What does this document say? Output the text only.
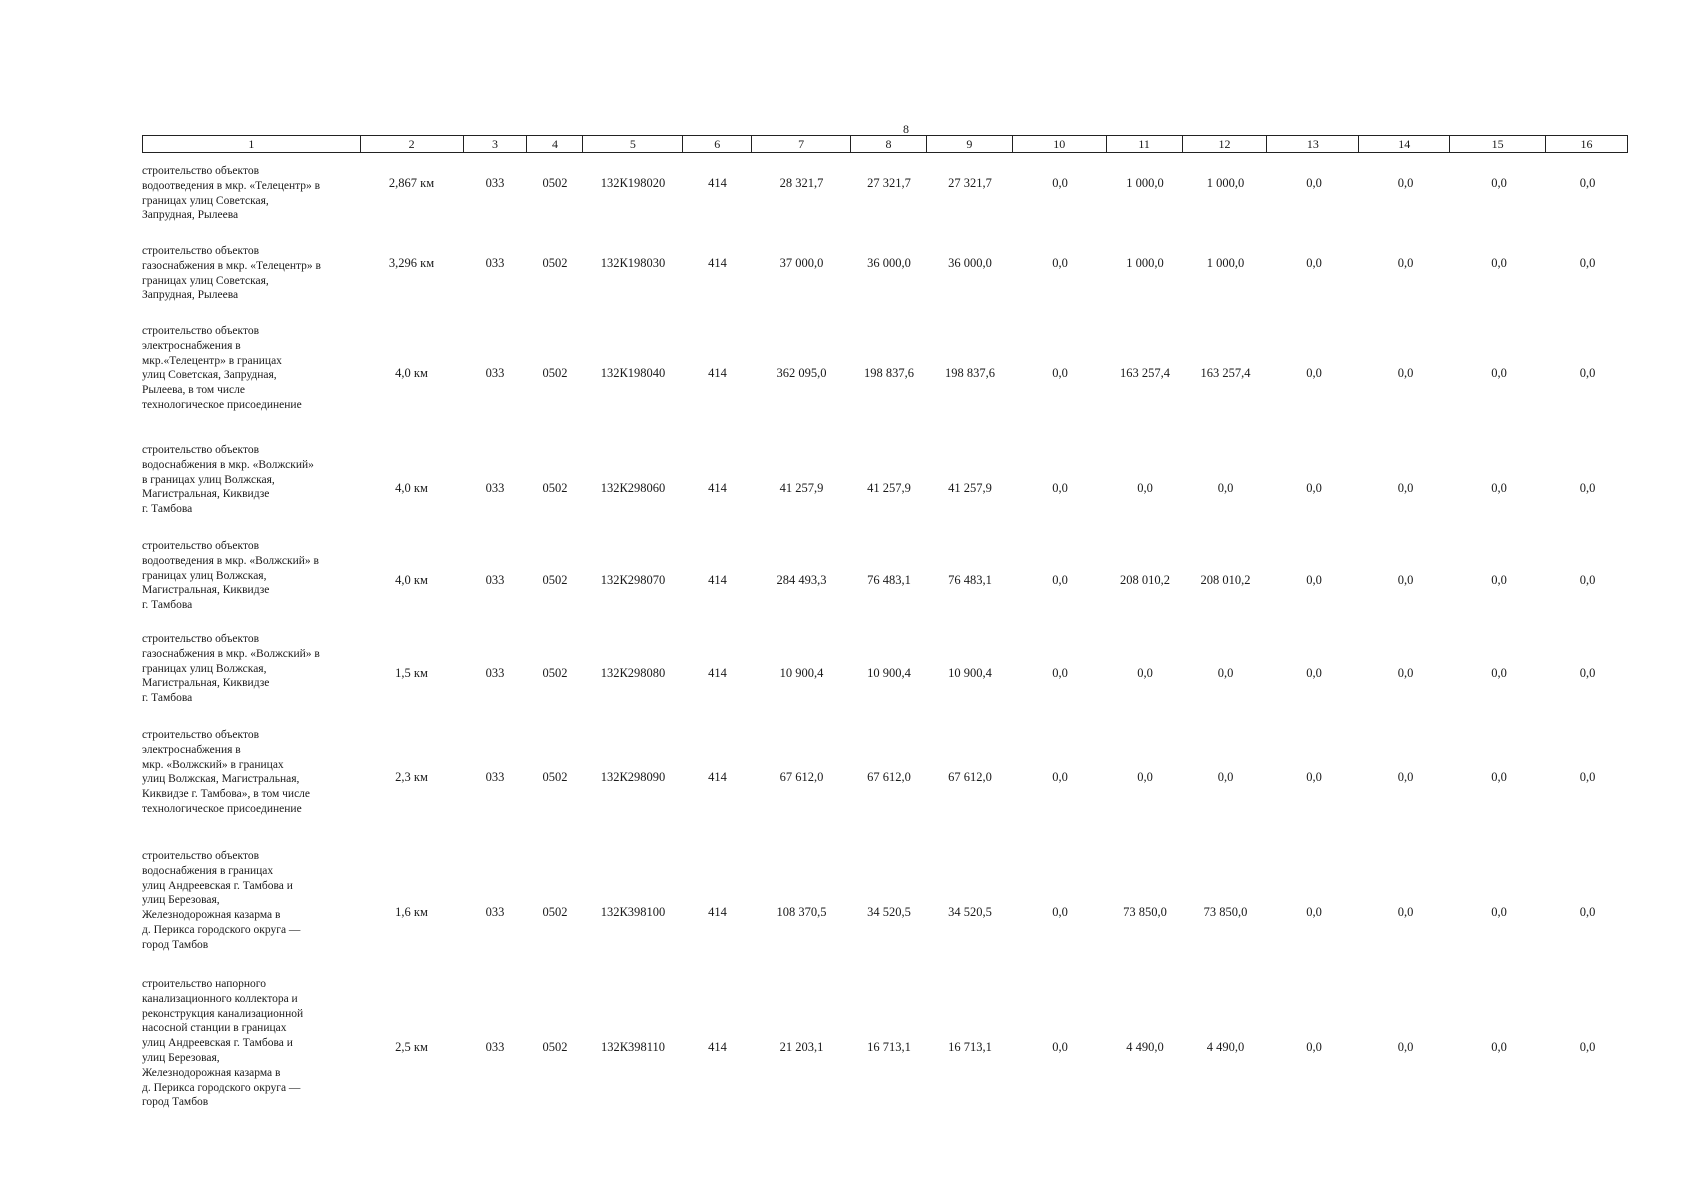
8
1	2	3	4	5	6	7	8	9	10	11	12	13	14	15	16
строительство объектов
водоотведения в мкр. «Телецентр» в
границах улиц Советская,
Запрудная, Рылеева
2,867 км	033	0502	132К198020	414	28 321,7	27 321,7	27 321,7	0,0	1 000,0	1 000,0	0,0	0,0	0,0	0,0
строительство объектов
газоснабжения в мкр. «Телецентр» в
границах улиц Советская,
Запрудная, Рылеева
3,296 км	033	0502	132К198030	414	37 000,0	36 000,0	36 000,0	0,0	1 000,0	1 000,0	0,0	0,0	0,0	0,0
строительство объектов
электроснабжения в
мкр.«Телецентр» в границах
улиц Советская, Запрудная,
Рылеева, в том числе
технологическое присоединение
4,0 км	033	0502	132К198040	414	362 095,0	198 837,6	198 837,6	0,0	163 257,4	163 257,4	0,0	0,0	0,0	0,0
строительство объектов
водоснабжения в мкр. «Волжский»
в границах улиц Волжская,
Магистральная, Киквидзе
г. Тамбова
4,0 км	033	0502	132К298060	414	41 257,9	41 257,9	41 257,9	0,0	0,0	0,0	0,0	0,0	0,0	0,0
строительство объектов
водоотведения в мкр. «Волжский» в
границах улиц Волжская,
Магистральная, Киквидзе
г. Тамбова
4,0 км	033	0502	132К298070	414	284 493,3	76 483,1	76 483,1	0,0	208 010,2	208 010,2	0,0	0,0	0,0	0,0
строительство объектов
газоснабжения в мкр. «Волжский» в
границах улиц Волжская,
Магистральная, Киквидзе
г. Тамбова
1,5 км	033	0502	132К298080	414	10 900,4	10 900,4	10 900,4	0,0	0,0	0,0	0,0	0,0	0,0	0,0
строительство объектов
электроснабжения в
мкр. «Волжский» в границах
улиц Волжская, Магистральная,
Киквидзе г. Тамбова», в том числе
технологическое присоединение
2,3 км	033	0502	132К298090	414	67 612,0	67 612,0	67 612,0	0,0	0,0	0,0	0,0	0,0	0,0	0,0
строительство объектов
водоснабжения в границах
улиц Андреевская г. Тамбова и
улиц Березовая,
Железнодорожная казарма в
д. Перикса городского округа —
город Тамбов
1,6 км	033	0502	132К398100	414	108 370,5	34 520,5	34 520,5	0,0	73 850,0	73 850,0	0,0	0,0	0,0	0,0
строительство напорного
канализационного коллектора и
реконструкция канализационной
насосной станции в границах
улиц Андреевская г. Тамбова и
улиц Березовая,
Железнодорожная казарма в
д. Перикса городского округа —
город Тамбов
2,5 км	033	0502	132К398110	414	21 203,1	16 713,1	16 713,1	0,0	4 490,0	4 490,0	0,0	0,0	0,0	0,0
